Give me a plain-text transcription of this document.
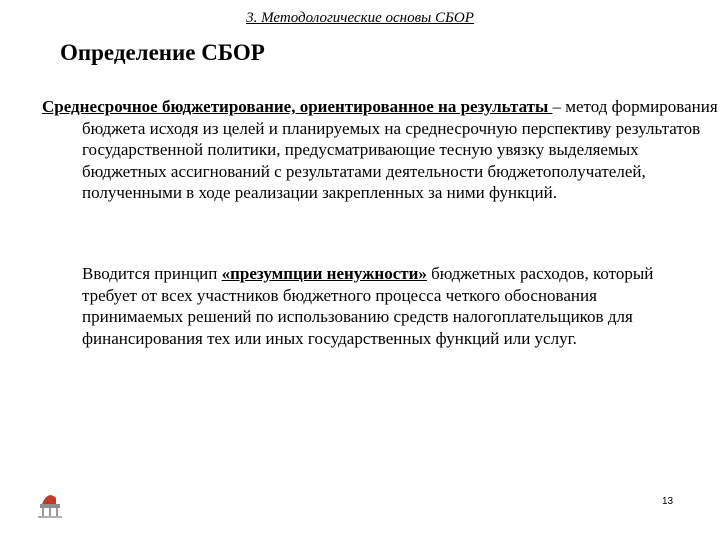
3. Методологические основы СБОР
Определение СБОР

Среднесрочное бюджетирование, ориентированное на результаты – метод формирования бюджета исходя из целей и планируемых на среднесрочную перспективу результатов государственной политики, предусматривающие тесную увязку выделяемых бюджетных ассигнований с результатами деятельности бюджетополучателей, полученными в ходе реализации закрепленных за ними функций.

Вводится принцип «презумпции ненужности» бюджетных расходов, который требует от всех участников бюджетного процесса четкого обоснования принимаемых решений по использованию средств налогоплательщиков для финансирования тех или иных государственных функций или услуг.

13
